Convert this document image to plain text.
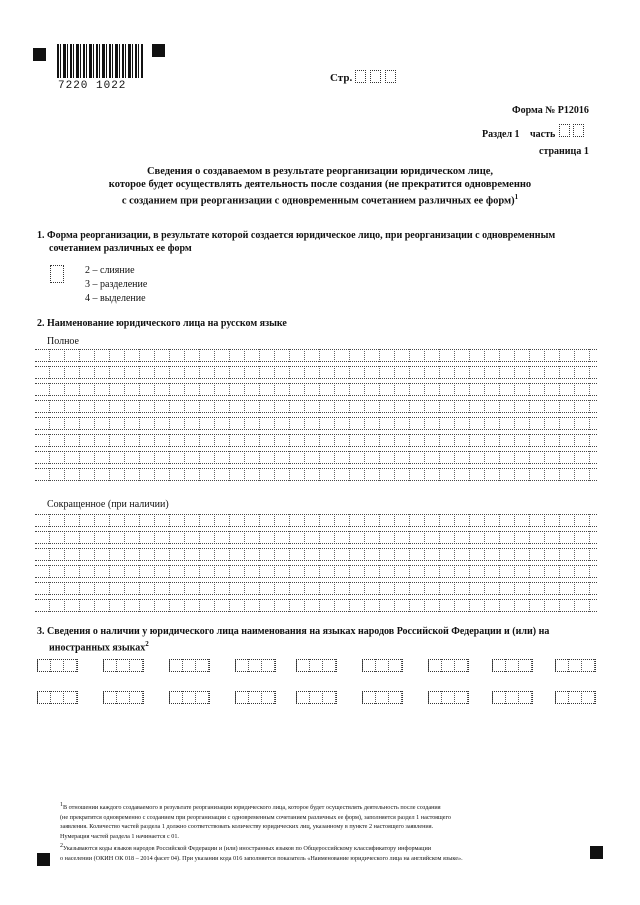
7220 1022
Стр.
Форма № Р12016
Раздел 1 часть
страница 1
Сведения о создаваемом в результате реорганизации юридическом лице,
которое будет осуществлять деятельность после создания (не прекратится одновременно
с созданием при реорганизации с одновременным сочетанием различных ее форм)$^1$
1. Форма реорганизации, в результате которой создается юридическое лицо, при реорганизации с одновременным
сочетанием различных ее форм
2 – слияние
3 – разделение
4 – выделение
2. Наименование юридического лица на русском языке
Полное
Сокращенное (при наличии)
3. Сведения о наличии у юридического лица наименования на языках народов Российской Федерации и (или) на
иностранных языках$^2$
$^1$В отношении каждого создаваемого в результате реорганизации юридического лица, которое будет осуществлять деятельность после создания
(не прекратится одновременно с созданием при реорганизации с одновременным сочетанием различных ее форм), заполняется раздел 1 настоящего
заявления. Количество частей раздела 1 должно соответствовать количеству юридических лиц, указанному в пункте 2 настоящего заявления.
Нумерация частей раздела 1 начинается с 01.
$^2$Указываются коды языков народов Российской Федерации и (или) иностранных языков по Общероссийскому классификатору информации
о населении (ОКИН ОК 018 – 2014 фасет 04). При указании кода 016 заполняется показатель «Наименование юридического лица на английском языке».
